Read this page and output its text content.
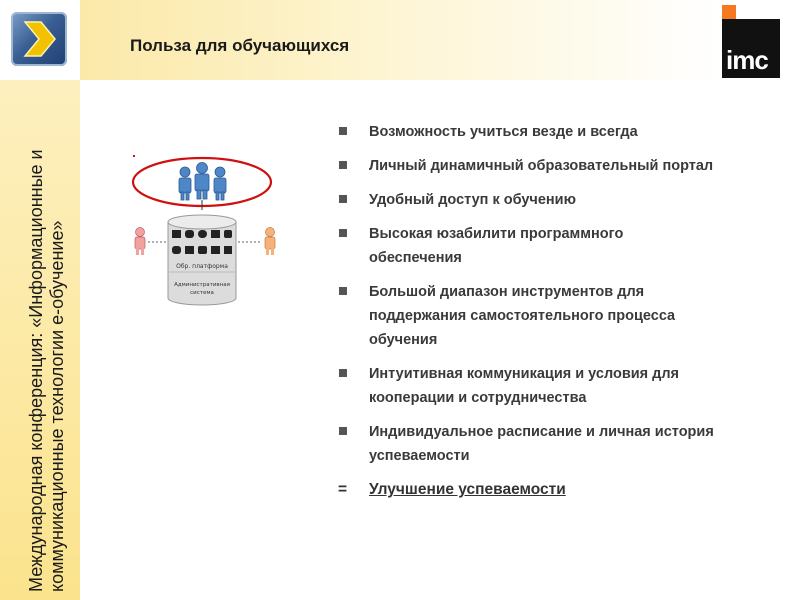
Польза для обучающихся	imc
Международная конференция: «Информационные и коммуникационные технологии е-обучение»	Обр. платформа
Административная
система
Возможность учиться везде и всегда
Личный динамичный образовательный портал
Удобный доступ к обучению
Высокая юзабилити программного обеспечения
Большой диапазон инструментов для поддержания самостоятельного процесса обучения
Интуитивная коммуникация и условия для кооперации и сотрудничества
Индивидуальное расписание и личная история успеваемости
= Улучшение успеваемости
